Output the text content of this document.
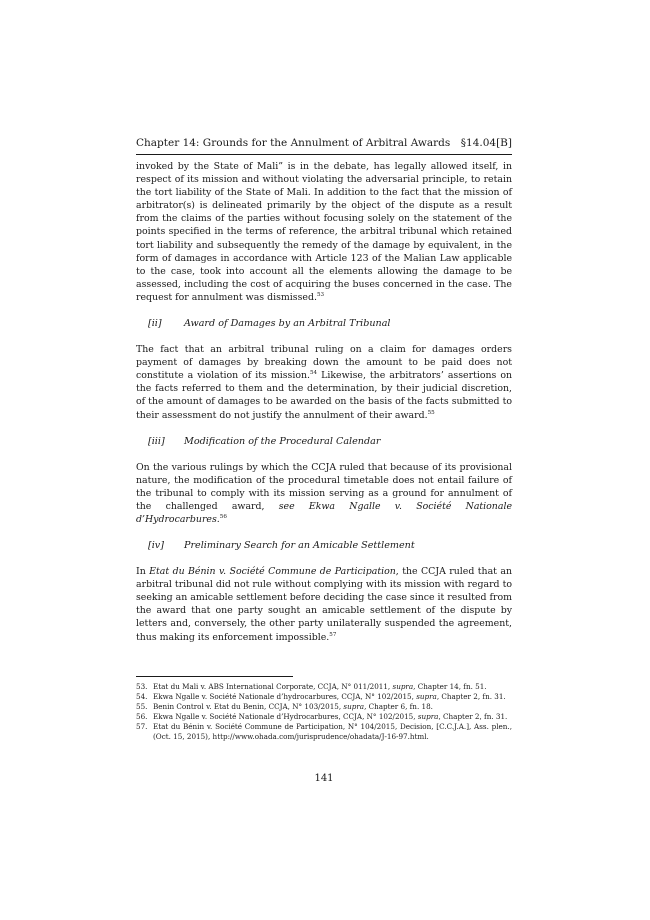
Chapter 14: Grounds for the Annulment of Arbitral Awards §14.04[B]

invoked by the State of Mali” is in the debate, has legally allowed itself, in respect of its mission and without violating the adversarial principle, to retain the tort liability of the State of Mali. In addition to the fact that the mission of arbitrator(s) is delineated primarily by the object of the dispute as a result from the claims of the parties without focusing solely on the statement of the points specified in the terms of reference, the arbitral tribunal which retained tort liability and subsequently the remedy of the damage by equivalent, in the form of damages in accordance with Article 123 of the Malian Law applicable to the case, took into account all the elements allowing the damage to be assessed, including the cost of acquiring the buses concerned in the case. The request for annulment was dismissed.$^{53}$

[ii]	Award of Damages by an Arbitral Tribunal

The fact that an arbitral tribunal ruling on a claim for damages orders payment of damages by breaking down the amount to be paid does not constitute a violation of its mission.$^{54}$ Likewise, the arbitrators’ assertions on the facts referred to them and the determination, by their judicial discretion, of the amount of damages to be awarded on the basis of the facts submitted to their assessment do not justify the annulment of their award.$^{55}$

[iii]	Modification of the Procedural Calendar

On the various rulings by which the CCJA ruled that because of its provisional nature, the modification of the procedural timetable does not entail failure of the tribunal to comply with its mission serving as a ground for annulment of the challenged award, see Ekwa Ngalle v. Société Nationale d’Hydrocarbures.$^{56}$

[iv]	Preliminary Search for an Amicable Settlement

In Etat du Bénin v. Société Commune de Participation, the CCJA ruled that an arbitral tribunal did not rule without complying with its mission with regard to seeking an amicable settlement before deciding the case since it resulted from the award that one party sought an amicable settlement of the dispute by letters and, conversely, the other party unilaterally suspended the agreement, thus making its enforcement impossible.$^{57}$

53. Etat du Mali v. ABS International Corporate, CCJA, N° 011/2011, supra, Chapter 14, fn. 51.
54. Ekwa Ngalle v. Société Nationale d’hydrocarbures, CCJA, N° 102/2015, supra, Chapter 2, fn. 31.
55. Benin Control v. Etat du Benin, CCJA, N° 103/2015, supra, Chapter 6, fn. 18.
56. Ekwa Ngalle v. Société Nationale d’Hydrocarbures, CCJA, N° 102/2015, supra, Chapter 2, fn. 31.
57. Etat du Bénin v. Société Commune de Participation, N° 104/2015, Decision, [C.C.J.A.], Ass. plen., (Oct. 15, 2015), http://www.ohada.com/jurisprudence/ohadata/J-16-97.html.
141
